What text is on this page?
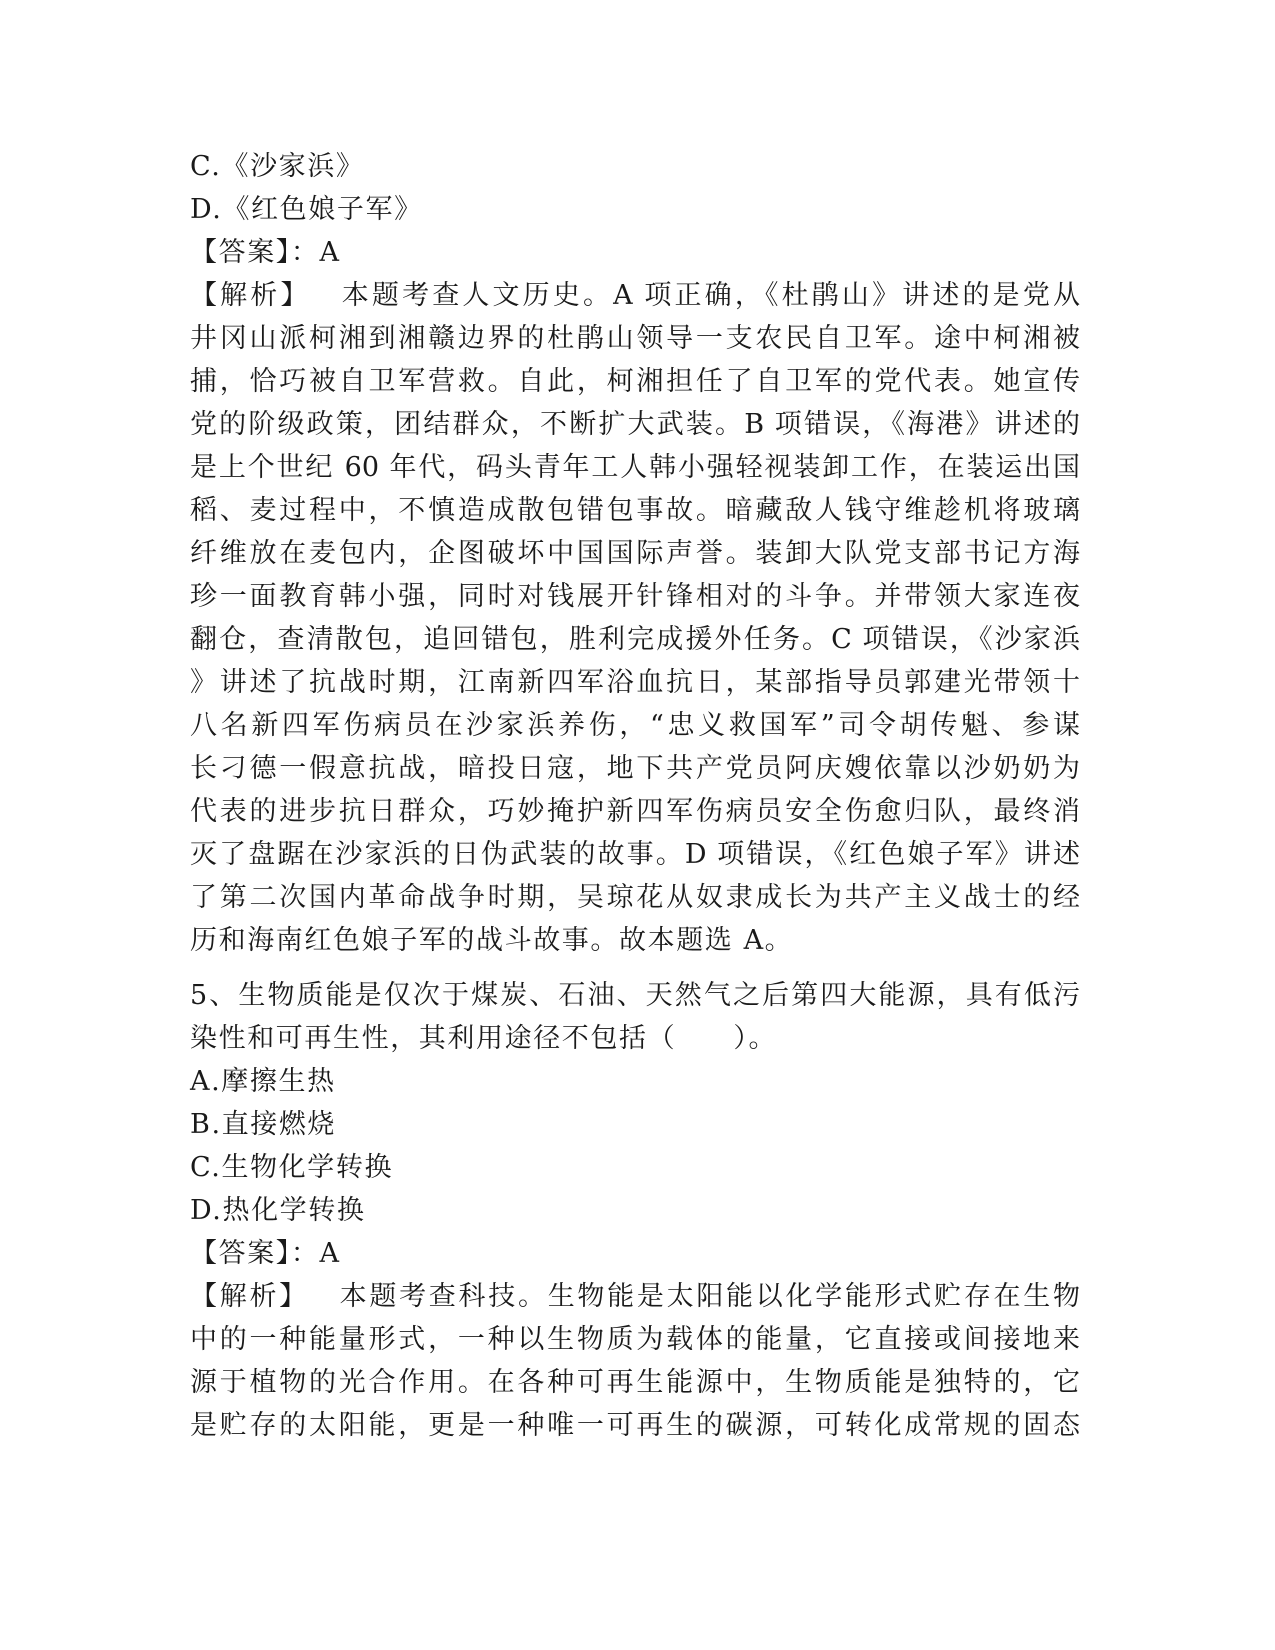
C.《沙家浜》
D.《红色娘子军》
【答案】：A
【解析】 本题考查人文历史。A 项正确，《杜鹃山》讲述的是党从
井冈山派柯湘到湘赣边界的杜鹃山领导一支农民自卫军。途中柯湘被
捕，恰巧被自卫军营救。自此，柯湘担任了自卫军的党代表。她宣传
党的阶级政策，团结群众，不断扩大武装。B 项错误，《海港》讲述的
是上个世纪 60 年代，码头青年工人韩小强轻视装卸工作，在装运出国
稻、麦过程中，不慎造成散包错包事故。暗藏敌人钱守维趁机将玻璃
纤维放在麦包内，企图破坏中国国际声誉。装卸大队党支部书记方海
珍一面教育韩小强，同时对钱展开针锋相对的斗争。并带领大家连夜
翻仓，查清散包，追回错包，胜利完成援外任务。C 项错误，《沙家浜
》讲述了抗战时期，江南新四军浴血抗日，某部指导员郭建光带领十
八名新四军伤病员在沙家浜养伤，“忠义救国军”司令胡传魁、参谋
长刁德一假意抗战，暗投日寇，地下共产党员阿庆嫂依靠以沙奶奶为
代表的进步抗日群众，巧妙掩护新四军伤病员安全伤愈归队，最终消
灭了盘踞在沙家浜的日伪武装的故事。D 项错误，《红色娘子军》讲述
了第二次国内革命战争时期，吴琼花从奴隶成长为共产主义战士的经
历和海南红色娘子军的战斗故事。故本题选 A。
5、生物质能是仅次于煤炭、石油、天然气之后第四大能源，具有低污
染性和可再生性，其利用途径不包括（　　）。
A.摩擦生热
B.直接燃烧
C.生物化学转换
D.热化学转换
【答案】：A
【解析】 本题考查科技。生物能是太阳能以化学能形式贮存在生物
中的一种能量形式，一种以生物质为载体的能量，它直接或间接地来
源于植物的光合作用。在各种可再生能源中，生物质能是独特的，它
是贮存的太阳能，更是一种唯一可再生的碳源，可转化成常规的固态
